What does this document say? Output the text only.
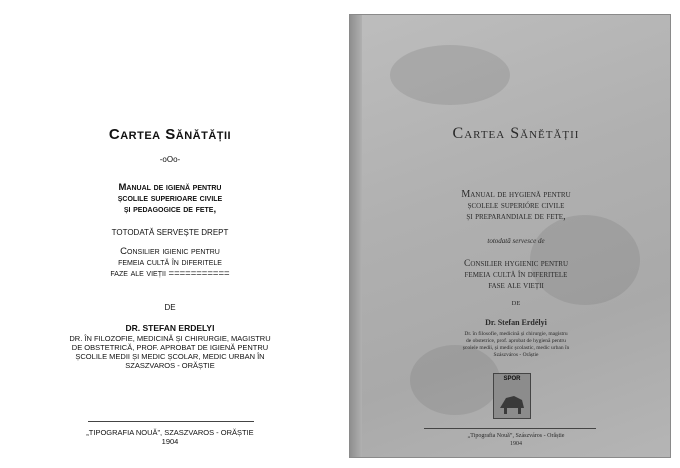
Cartea Sănătății
-oOo-
Manual de igienă pentru
școlile superioare civile
și pedagogice de fete,
TOTODATĂ SERVEȘTE DREPT
Consilier igienic pentru
femeia cultă în diferitele
faze ale vieții ===========
DE
DR. STEFAN ERDELYI
DR. ÎN FILOZOFIE, MEDICINĂ ȘI CHIRURGIE, MAGISTRU
DE OBSTETRICĂ, PROF. APROBAT DE IGIENĂ PENTRU
ȘCOLILE MEDII ȘI MEDIC ȘCOLAR, MEDIC URBAN ÎN
SZASZVAROS - ORĂȘTIE
„TIPOGRAFIA NOUĂ”, SZASZVAROS - ORĂȘTIE
1904
Cartea Sănĕtății
Manual de hygienă pentru
școlele superióre civile
și preparandiale de fete,
totodată servesce de
Consilier hygienic pentru
femeia cultă în diferitele
fase ale vieții
DE
Dr. Stefan Erdélyi
Dr. în filosofie, medicină și chirurgie, magistru
de obstetrice, prof. aprobat de hygienă pentru
școlele medii, și medic școlastic, medic urban în
Szászváros - Orăștie
SPOR
„Tipografia Nouă”, Szászváros - Orăștie
1904
